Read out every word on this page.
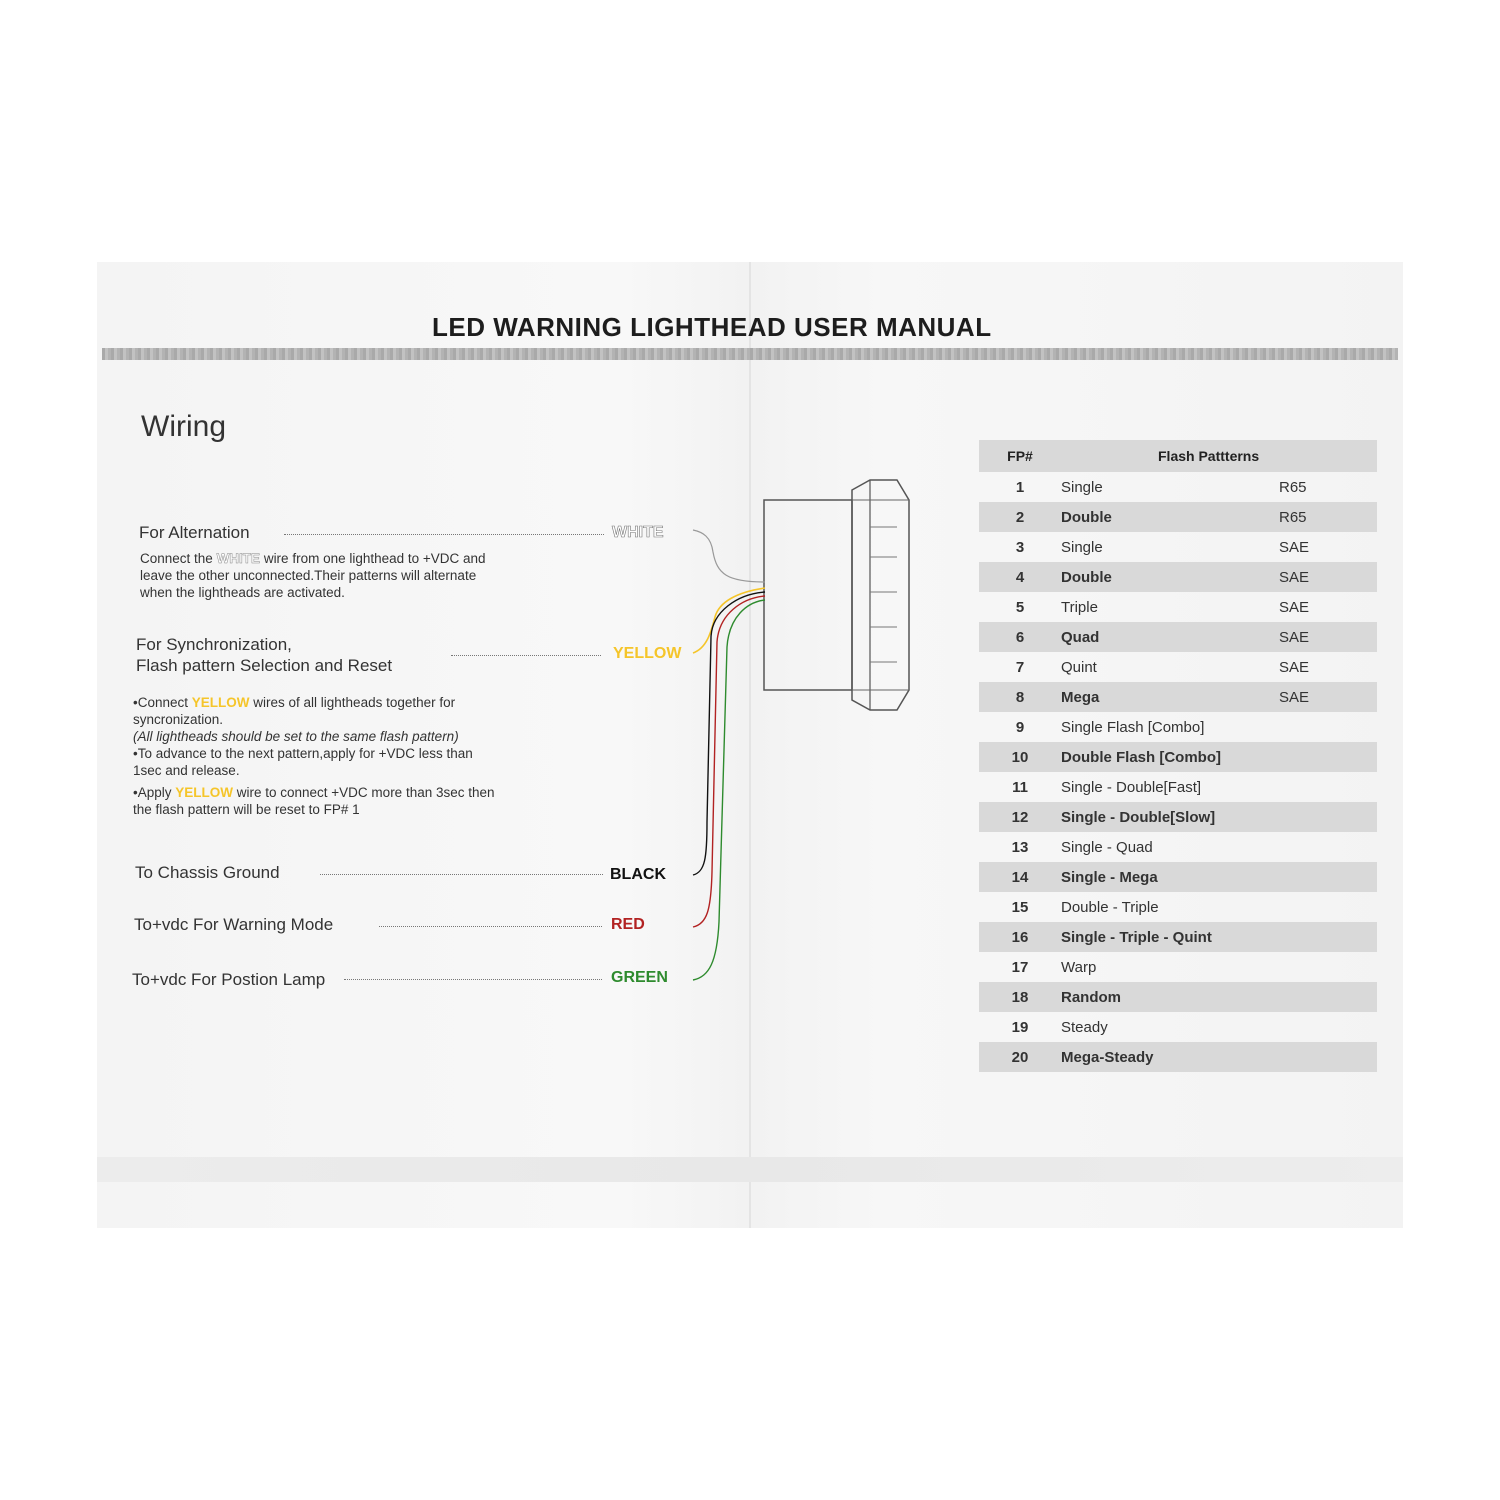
LED WARNING LIGHTHEAD USER MANUAL
Wiring
For Alternation	WHITE
Connect the WHITE wire from one lighthead to +VDC and
leave the other unconnected.Their patterns will alternate
when the lightheads are activated.
For Synchronization,
Flash pattern Selection and Reset
YELLOW
•Connect YELLOW wires of all lightheads together for
syncronization.
(All lightheads should be set to the same flash pattern)
•To advance to the next pattern,apply for +VDC less than
1sec and release.
•Apply YELLOW wire to connect +VDC more than 3sec then
the flash pattern will be reset to FP# 1
To Chassis Ground	BLACK
To+vdc For Warning Mode	RED
To+vdc For Postion Lamp	GREEN
FP#	Flash Pattterns	
1	Single	R65
2	Double	R65
3	Single	SAE
4	Double	SAE
5	Triple	SAE
6	Quad	SAE
7	Quint	SAE
8	Mega	SAE
9	Single Flash [Combo]	
10	Double Flash [Combo]	
11	Single - Double[Fast]	
12	Single - Double[Slow]	
13	Single - Quad	
14	Single - Mega	
15	Double - Triple	
16	Single - Triple - Quint	
17	Warp	
18	Random	
19	Steady	
20	Mega-Steady	
